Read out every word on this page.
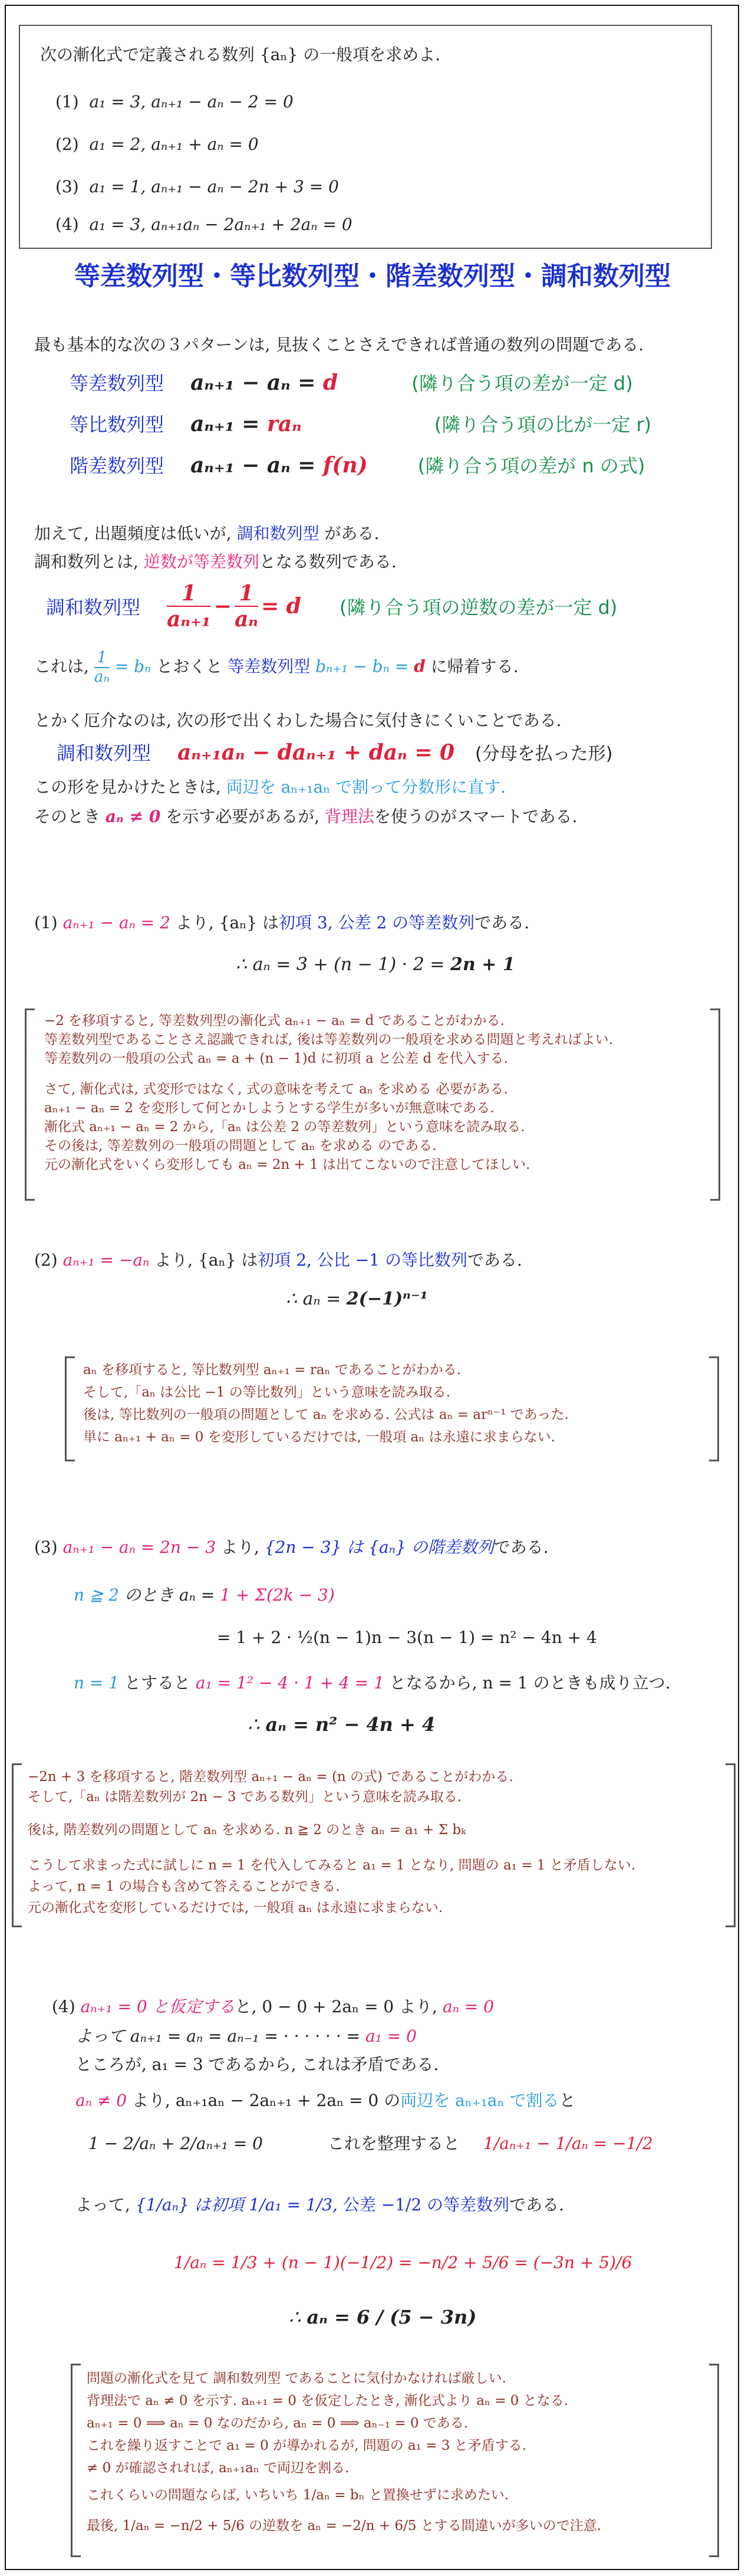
次の漸化式で定義される数列 {aₙ} の一般項を求めよ.
(1) a₁ = 3, aₙ₊₁ − aₙ − 2 = 0
(2) a₁ = 2, aₙ₊₁ + aₙ = 0
(3) a₁ = 1, aₙ₊₁ − aₙ − 2n + 3 = 0
(4) a₁ = 3, aₙ₊₁aₙ − 2aₙ₊₁ + 2aₙ = 0
等差数列型・等比数列型・階差数列型・調和数列型
最も基本的な次の３パターンは, 見抜くことさえできれば普通の数列の問題である.
等差数列型 aₙ₊₁ − aₙ = d	(隣り合う項の差が一定 d)
等比数列型 aₙ₊₁ = raₙ	(隣り合う項の比が一定 r)
階差数列型 aₙ₊₁ − aₙ = f(n)	(隣り合う項の差が n の式)
加えて, 出題頻度は低いが, 調和数列型 がある.
調和数列とは, 逆数が等差数列となる数列である.
調和数列型 $\frac{1}{\text{aₙ₊₁}} - \frac{1}{\text{aₙ}} = d$ (隣り合う項の逆数の差が一定 d)
これは, $\frac{1}{\text{aₙ}} = b_n$ とおくと 等差数列型 bₙ₊₁ − bₙ = d に帰着する.
とかく厄介なのは, 次の形で出くわした場合に気付きにくいことである.
調和数列型 aₙ₊₁aₙ − daₙ₊₁ + daₙ = 0 (分母を払った形)
この形を見かけたときは, 両辺を aₙ₊₁aₙ で割って分数形に直す.
そのとき aₙ ≠ 0 を示す必要があるが, 背理法を使うのがスマートである.
(1) aₙ₊₁ − aₙ = 2 より, {aₙ} は初項 3, 公差 2 の等差数列である.
∴ aₙ = 3 + (n − 1) · 2 = 2n + 1
−2 を移項すると, 等差数列型の漸化式 aₙ₊₁ − aₙ = d であることがわかる.
等差数列型であることさえ認識できれば, 後は等差数列の一般項を求める問題と考えればよい.
等差数列の一般項の公式 aₙ = a + (n − 1)d に初項 a と公差 d を代入する.
さて, 漸化式は, 式変形ではなく, 式の意味を考えて aₙ を求める 必要がある.
aₙ₊₁ − aₙ = 2 を変形して何とかしようとする学生が多いが無意味である.
漸化式 aₙ₊₁ − aₙ = 2 から,「aₙ は公差 2 の等差数列」という意味を読み取る.
その後は, 等差数列の一般項の問題として aₙ を求める のである.
元の漸化式をいくら変形しても aₙ = 2n + 1 は出てこないので注意してほしい.
(2) aₙ₊₁ = −aₙ より, {aₙ} は初項 2, 公比 −1 の等比数列である.
∴ aₙ = 2(−1)ⁿ⁻¹
aₙ を移項すると, 等比数列型 aₙ₊₁ = raₙ であることがわかる.
そして,「aₙ は公比 −1 の等比数列」という意味を読み取る.
後は, 等比数列の一般項の問題として aₙ を求める. 公式は aₙ = arⁿ⁻¹ であった.
単に aₙ₊₁ + aₙ = 0 を変形しているだけでは, 一般項 aₙ は永遠に求まらない.
(3) aₙ₊₁ − aₙ = 2n − 3 より, {2n − 3} は {aₙ} の階差数列である.
n ≧ 2 のとき aₙ = 1 + Σ(2k − 3)
= 1 + 2 · ½(n − 1)n − 3(n − 1) = n² − 4n + 4
n = 1 とすると a₁ = 1² − 4 · 1 + 4 = 1 となるから, n = 1 のときも成り立つ.
∴ aₙ = n² − 4n + 4
−2n + 3 を移項すると, 階差数列型 aₙ₊₁ − aₙ = (n の式) であることがわかる.
そして,「aₙ は階差数列が 2n − 3 である数列」という意味を読み取る.
後は, 階差数列の問題として aₙ を求める. n ≧ 2 のとき aₙ = a₁ + Σ bₖ
こうして求まった式に試しに n = 1 を代入してみると a₁ = 1 となり, 問題の a₁ = 1 と矛盾しない.
よって, n = 1 の場合も含めて答えることができる.
元の漸化式を変形しているだけでは, 一般項 aₙ は永遠に求まらない.
(4) aₙ₊₁ = 0 と仮定すると, 0 − 0 + 2aₙ = 0 より, aₙ = 0
よって aₙ₊₁ = aₙ = aₙ₋₁ = · · · · · · = a₁ = 0
ところが, a₁ = 3 であるから, これは矛盾である.
aₙ ≠ 0 より, aₙ₊₁aₙ − 2aₙ₊₁ + 2aₙ = 0 の両辺を aₙ₊₁aₙ で割ると
1 − 2/aₙ + 2/aₙ₊₁ = 0	これを整理すると 1/aₙ₊₁ − 1/aₙ = −1/2
よって, {1/aₙ} は初項 1/a₁ = 1/3, 公差 −1/2 の等差数列である.
1/aₙ = 1/3 + (n − 1)(−1/2) = −n/2 + 5/6 = (−3n + 5)/6
∴ aₙ = 6 / (5 − 3n)
問題の漸化式を見て 調和数列型 であることに気付かなければ厳しい.
背理法で aₙ ≠ 0 を示す. aₙ₊₁ = 0 を仮定したとき, 漸化式より aₙ = 0 となる.
aₙ₊₁ = 0 ⟹ aₙ = 0 なのだから, aₙ = 0 ⟹ aₙ₋₁ = 0 である.
これを繰り返すことで a₁ = 0 が導かれるが, 問題の a₁ = 3 と矛盾する.
≠ 0 が確認されれば, aₙ₊₁aₙ で両辺を割る.
これくらいの問題ならば, いちいち 1/aₙ = bₙ と置換せずに求めたい.
最後, 1/aₙ = −n/2 + 5/6 の逆数を aₙ = −2/n + 6/5 とする間違いが多いので注意.
